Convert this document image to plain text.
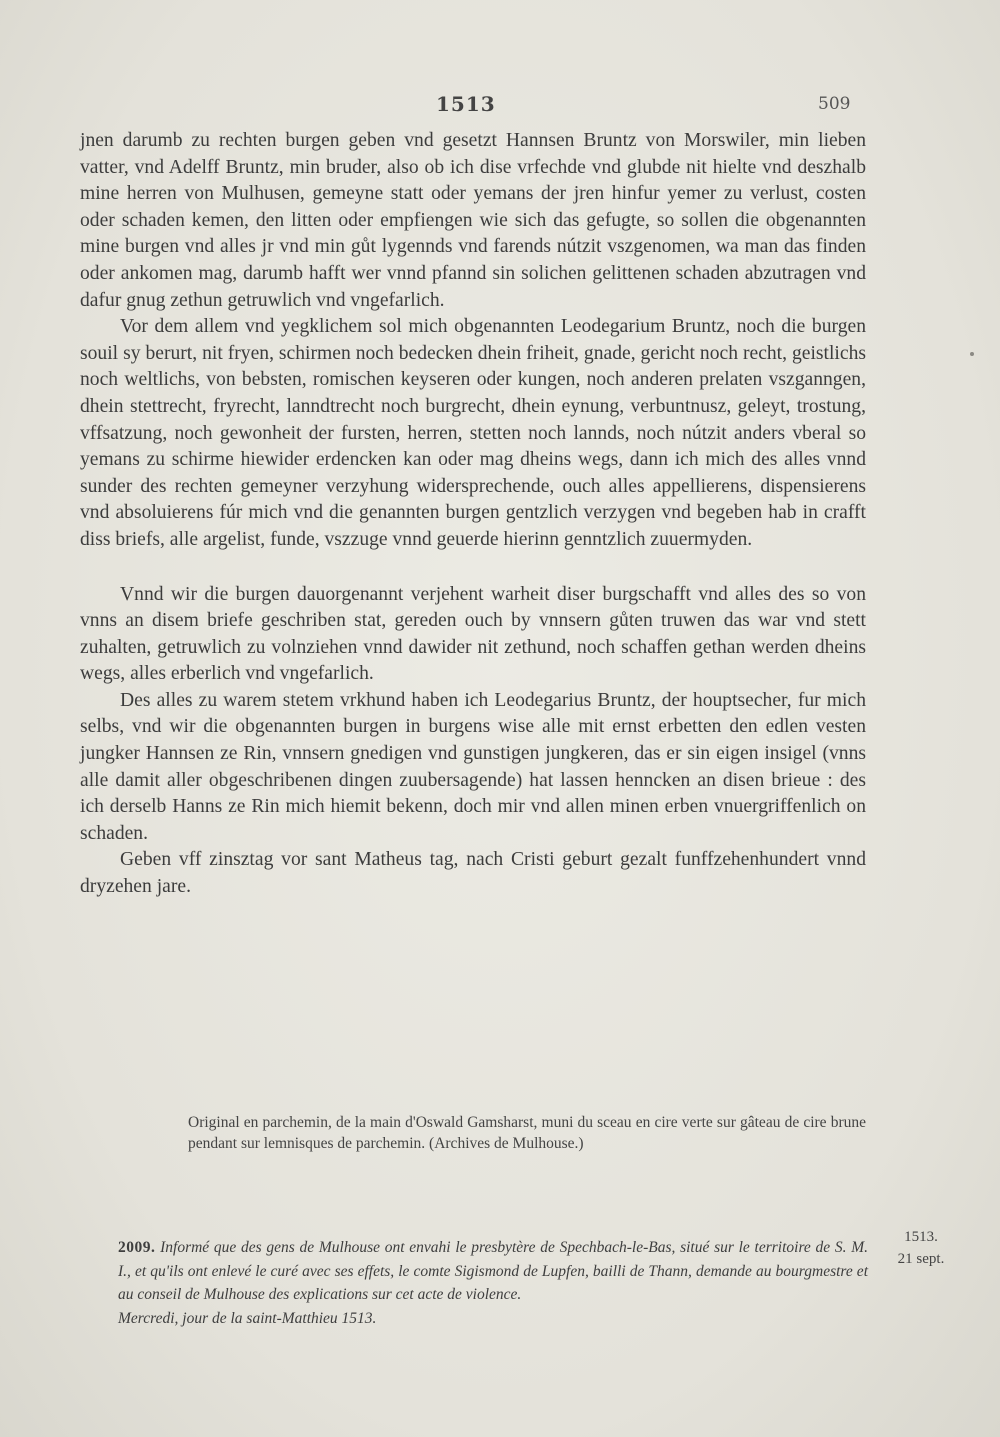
1513	509

jnen darumb zu rechten burgen geben vnd gesetzt Hannsen Bruntz von Morswiler, min lieben vatter, vnd Adelff Bruntz, min bruder, also ob ich dise vrfechde vnd glubde nit hielte vnd deszhalb mine herren von Mulhusen, gemeyne statt oder yemans der jren hinfur yemer zu verlust, costen oder schaden kemen, den litten oder empfiengen wie sich das gefugte, so sollen die obgenannten mine burgen vnd alles jr vnd min gůt lygennds vnd farends nútzit vszgenomen, wa man das finden oder ankomen mag, darumb hafft wer vnnd pfannd sin solichen gelittenen schaden abzutragen vnd dafur gnug zethun getruwlich vnd vngefarlich.

Vor dem allem vnd yegklichem sol mich obgenannten Leodegarium Bruntz, noch die burgen souil sy berurt, nit fryen, schirmen noch bedecken dhein friheit, gnade, gericht noch recht, geistlichs noch weltlichs, von bebsten, romischen keyseren oder kungen, noch anderen prelaten vszganngen, dhein stettrecht, fryrecht, lanndtrecht noch burgrecht, dhein eynung, verbuntnusz, geleyt, trostung, vffsatzung, noch gewonheit der fursten, herren, stetten noch lannds, noch nútzit anders vberal so yemans zu schirme hiewider erdencken kan oder mag dheins wegs, dann ich mich des alles vnnd sunder des rechten gemeyner verzyhung widersprechende, ouch alles appellierens, dispensierens vnd absoluierens fúr mich vnd die genannten burgen gentzlich verzygen vnd begeben hab in crafft diss briefs, alle argelist, funde, vszzuge vnnd geuerde hierinn genntzlich zuuermyden.

Vnnd wir die burgen dauorgenannt verjehent warheit diser burgschafft vnd alles des so von vnns an disem briefe geschriben stat, gereden ouch by vnnsern gůten truwen das war vnd stett zuhalten, getruwlich zu volnziehen vnnd dawider nit zethund, noch schaffen gethan werden dheins wegs, alles erberlich vnd vngefarlich.

Des alles zu warem stetem vrkhund haben ich Leodegarius Bruntz, der houptsecher, fur mich selbs, vnd wir die obgenannten burgen in burgens wise alle mit ernst erbetten den edlen vesten jungker Hannsen ze Rin, vnnsern gnedigen vnd gunstigen jungkeren, das er sin eigen insigel (vnns alle damit aller obgeschribenen dingen zuubersagende) hat lassen henncken an disen brieue : des ich derselb Hanns ze Rin mich hiemit bekenn, doch mir vnd allen minen erben vnuergriffenlich on schaden.

Geben vff zinsztag vor sant Matheus tag, nach Cristi geburt gezalt funffzehenhundert vnnd dryzehen jare.

Original en parchemin, de la main d'Oswald Gamsharst, muni du sceau en cire verte sur gâteau de cire brune pendant sur lemnisques de parchemin. (Archives de Mulhouse.)
2009. Informé que des gens de Mulhouse ont envahi le presbytère de Spechbach-le-Bas, situé sur le territoire de S. M. I., et qu'ils ont enlevé le curé avec ses effets, le comte Sigismond de Lupfen, bailli de Thann, demande au bourgmestre et au conseil de Mulhouse des explications sur cet acte de violence.
Mercredi, jour de la saint-Matthieu 1513.
1513.
21 sept.
